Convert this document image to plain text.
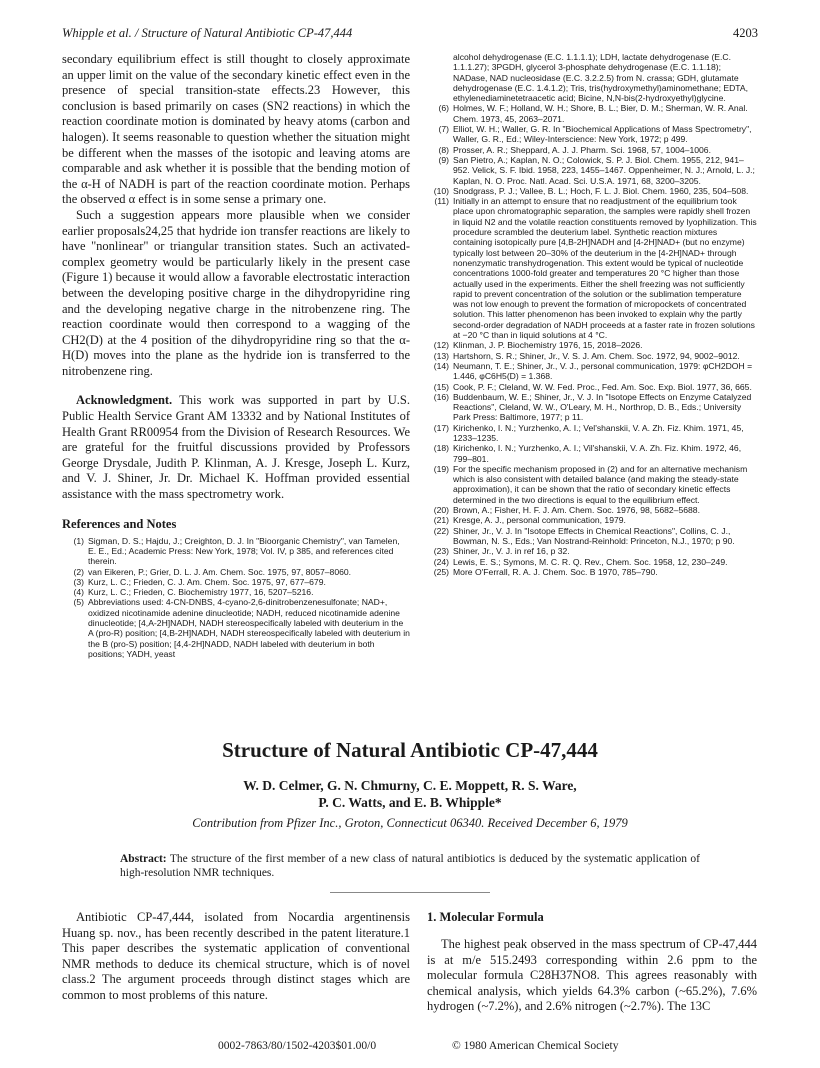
Whipple et al. / Structure of Natural Antibiotic CP-47,444	4203

secondary equilibrium effect is still thought to closely approximate an upper limit on the value of the secondary kinetic effect even in the presence of special transition-state effects.23 However, this conclusion is based primarily on cases (SN2 reactions) in which the reaction coordinate motion is dominated by heavy atoms (carbon and halogen). It seems reasonable to question whether the situation might be different when the masses of the isotopic and leaving atoms are comparable and ask whether it is possible that the bending motion of the α-H of NADH is part of the reaction coordinate motion. Perhaps the observed α effect is in some sense a primary one.

Such a suggestion appears more plausible when we consider earlier proposals24,25 that hydride ion transfer reactions are likely to have "nonlinear" or triangular transition states. Such an activated-complex geometry would be particularly likely in the present case (Figure 1) because it would allow a favorable electrostatic interaction between the developing positive charge in the dihydropyridine ring and the developing negative charge in the nitrobenzene ring. The reaction coordinate would then correspond to a wagging of the CH2(D) at the 4 position of the dihydropyridine ring so that the α-H(D) moves into the plane as the hydride ion is transferred to the nitrobenzene ring.

Acknowledgment. This work was supported in part by U.S. Public Health Service Grant AM 13332 and by National Institutes of Health Grant RR00954 from the Division of Research Resources. We are grateful for the fruitful discussions provided by Professors George Drysdale, Judith P. Klinman, A. J. Kresge, Joseph L. Kurz, and V. J. Shiner, Jr. Dr. Michael K. Hoffman provided essential assistance with the mass spectrometry work.

References and Notes
(1) Sigman, D. S.; Hajdu, J.; Creighton, D. J. In "Bioorganic Chemistry", van Tamelen, E. E., Ed.; Academic Press: New York, 1978; Vol. IV, p 385, and references cited therein.
(2) van Eikeren, P.; Grier, D. L. J. Am. Chem. Soc. 1975, 97, 8057–8060.
(3) Kurz, L. C.; Frieden, C. J. Am. Chem. Soc. 1975, 97, 677–679.
(4) Kurz, L. C.; Frieden, C. Biochemistry 1977, 16, 5207–5216.
(5) Abbreviations used: 4-CN-DNBS, 4-cyano-2,6-dinitrobenzenesulfonate; NAD+, oxidized nicotinamide adenine dinucleotide; NADH, reduced nicotinamide adenine dinucleotide; [4,A-2H]NADH, NADH stereospecifically labeled with deuterium in the A (pro-R) position; [4,B-2H]NADH, NADH stereospecifically labeled with deuterium in the B (pro-S) position; [4,4-2H]NADD, NADH labeled with deuterium in both positions; YADH, yeast
alcohol dehydrogenase (E.C. 1.1.1.1); LDH, lactate dehydrogenase (E.C. 1.1.1.27); 3PGDH, glycerol 3-phosphate dehydrogenase (E.C. 1.1.18); NADase, NAD nucleosidase (E.C. 3.2.2.5) from N. crassa; GDH, glutamate dehydrogenase (E.C. 1.4.1.2); Tris, tris(hydroxymethyl)aminomethane; EDTA, ethylenediaminetetraacetic acid; Bicine, N,N-bis(2-hydroxyethyl)glycine.
(6) Holmes, W. F.; Holland, W. H.; Shore, B. L.; Bier, D. M.; Sherman, W. R. Anal. Chem. 1973, 45, 2063–2071.
(7) Elliot, W. H.; Waller, G. R. In "Biochemical Applications of Mass Spectrometry", Waller, G. R., Ed.; Wiley-Interscience: New York, 1972; p 499.
(8) Prosser, A. R.; Sheppard, A. J. J. Pharm. Sci. 1968, 57, 1004–1006.
(9) San Pietro, A.; Kaplan, N. O.; Colowick, S. P. J. Biol. Chem. 1955, 212, 941–952. Velick, S. F. Ibid. 1958, 223, 1455–1467. Oppenheimer, N. J.; Arnold, L. J.; Kaplan, N. O. Proc. Natl. Acad. Sci. U.S.A. 1971, 68, 3200–3205.
(10) Snodgrass, P. J.; Vallee, B. L.; Hoch, F. L. J. Biol. Chem. 1960, 235, 504–508.
(11) Initially in an attempt to ensure that no readjustment of the equilibrium took place upon chromatographic separation, the samples were rapidly shell frozen in liquid N2 and the volatile reaction constituents removed by lyophilization. This procedure scrambled the deuterium label. Synthetic reaction mixtures containing isotopically pure [4,B-2H]NADH and [4-2H]NAD+ (but no enzyme) typically lost between 20–30% of the deuterium in the [4-2H]NAD+ through nonenzymatic transhydrogenation. This extent would be typical of nucleotide concentrations 1000-fold greater and temperatures 20 °C higher than those actually used in the experiments. Either the shell freezing was not sufficiently rapid to prevent concentration of the solution or the sublimation temperature was not low enough to prevent the formation of micropockets of concentrated solution. This latter phenomenon has been invoked to explain why the partly second-order degradation of NADH proceeds at a faster rate in frozen solutions at −20 °C than in liquid solutions at 4 °C.
(12) Klinman, J. P. Biochemistry 1976, 15, 2018–2026.
(13) Hartshorn, S. R.; Shiner, Jr., V. S. J. Am. Chem. Soc. 1972, 94, 9002–9012.
(14) Neumann, T. E.; Shiner, Jr., V. J., personal communication, 1979: φCH2DOH = 1.446, φC6H5(D) = 1.368.
(15) Cook, P. F.; Cleland, W. W. Fed. Proc., Fed. Am. Soc. Exp. Biol. 1977, 36, 665.
(16) Buddenbaum, W. E.; Shiner, Jr., V. J. In "Isotope Effects on Enzyme Catalyzed Reactions", Cleland, W. W., O'Leary, M. H., Northrop, D. B., Eds.; University Park Press: Baltimore, 1977; p 11.
(17) Kirichenko, I. N.; Yurzhenko, A. I.; Vel'shanskii, V. A. Zh. Fiz. Khim. 1971, 45, 1233–1235.
(18) Kirichenko, I. N.; Yurzhenko, A. I.; Vil'shanskii, V. A. Zh. Fiz. Khim. 1972, 46, 799–801.
(19) For the specific mechanism proposed in (2) and for an alternative mechanism which is also consistent with detailed balance (and making the steady-state approximation), it can be shown that the ratio of secondary kinetic effects determined in the two directions is equal to the equilibrium effect.
(20) Brown, A.; Fisher, H. F. J. Am. Chem. Soc. 1976, 98, 5682–5688.
(21) Kresge, A. J., personal communication, 1979.
(22) Shiner, Jr., V. J. In "Isotope Effects in Chemical Reactions", Collins, C. J., Bowman, N. S., Eds.; Van Nostrand-Reinhold: Princeton, N.J., 1970; p 90.
(23) Shiner, Jr., V. J. in ref 16, p 32.
(24) Lewis, E. S.; Symons, M. C. R. Q. Rev., Chem. Soc. 1958, 12, 230–249.
(25) More O'Ferrall, R. A. J. Chem. Soc. B 1970, 785–790.
Structure of Natural Antibiotic CP-47,444
W. D. Celmer, G. N. Chmurny, C. E. Moppett, R. S. Ware,
P. C. Watts, and E. B. Whipple*
Contribution from Pfizer Inc., Groton, Connecticut 06340. Received December 6, 1979
Abstract: The structure of the first member of a new class of natural antibiotics is deduced by the systematic application of high-resolution NMR techniques.

Antibiotic CP-47,444, isolated from Nocardia argentinensis Huang sp. nov., has been recently described in the patent literature.1 This paper describes the systematic application of conventional NMR methods to deduce its chemical structure, which is of novel class.2 The argument proceeds through distinct stages which are common to most problems of this nature.

1. Molecular Formula

The highest peak observed in the mass spectrum of CP-47,444 is at m/e 515.2493 corresponding within 2.6 ppm to the molecular formula C28H37NO8. This agrees reasonably with chemical analysis, which yields 64.3% carbon (~65.2%), 7.6% hydrogen (~7.2%), and 2.6% nitrogen (~2.7%). The 13C

0002-7863/80/1502-4203$01.00/0	© 1980 American Chemical Society
